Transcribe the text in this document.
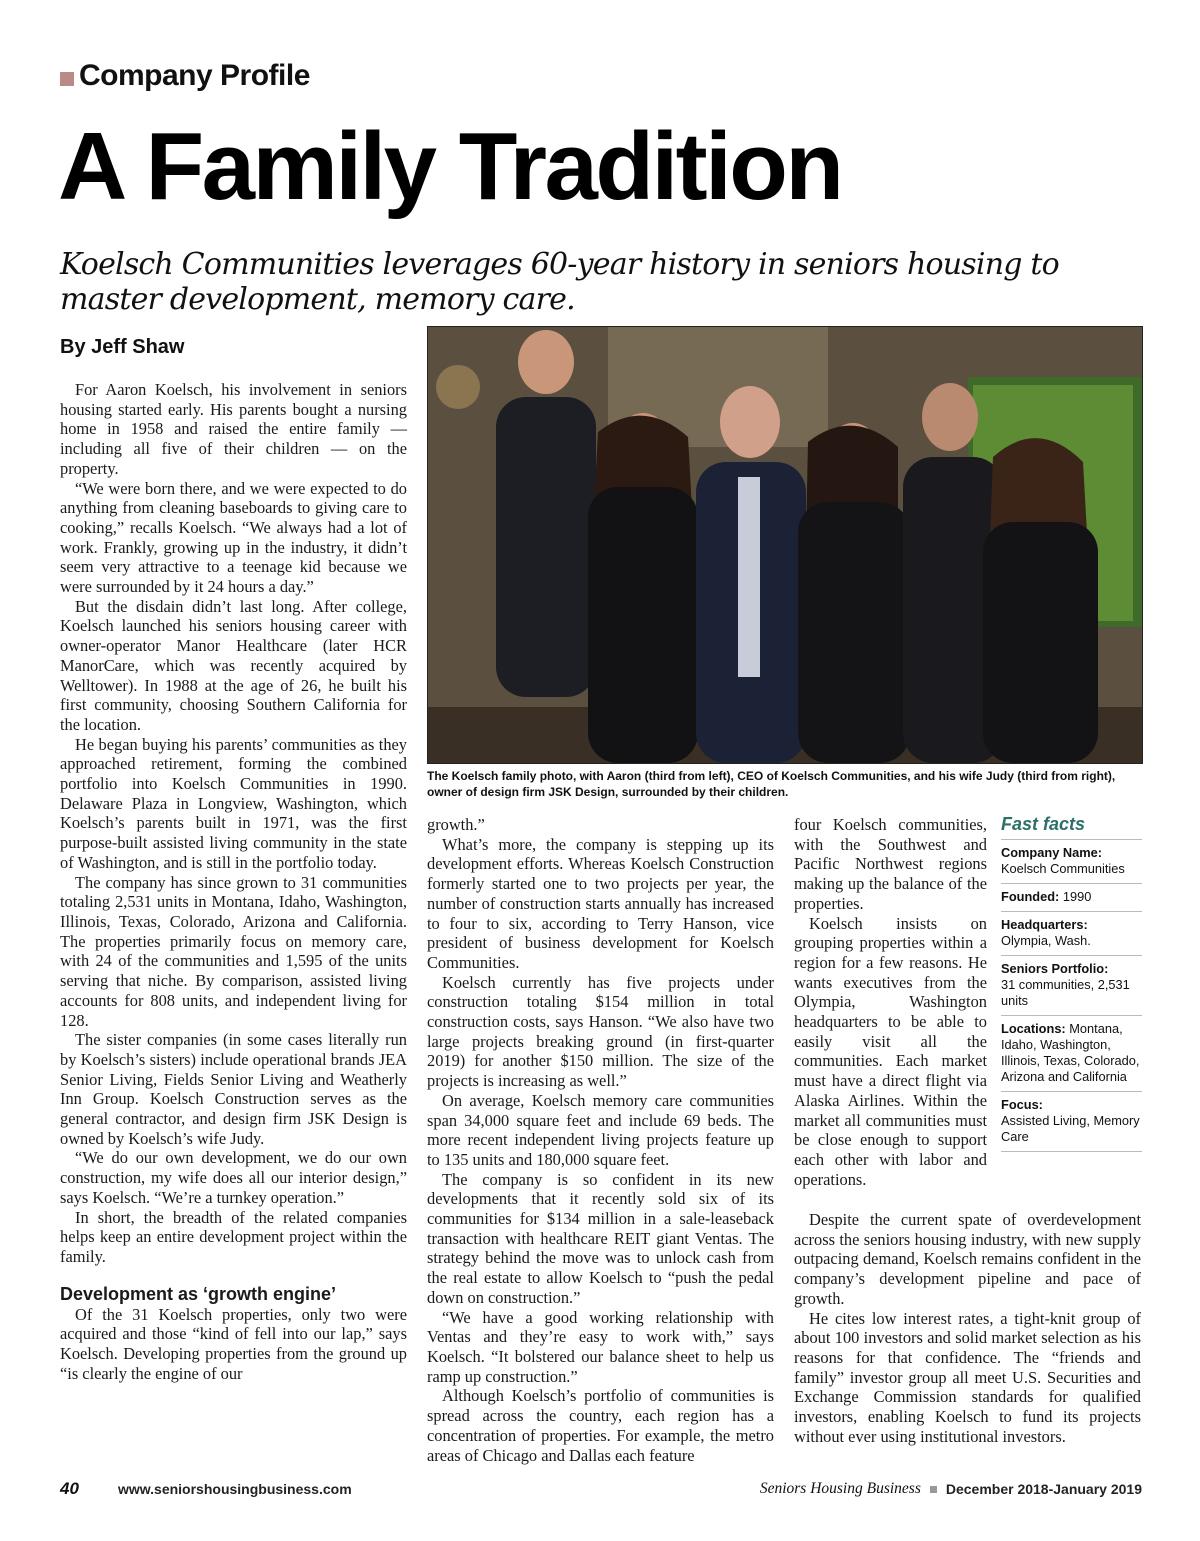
Company Profile
A Family Tradition
Koelsch Communities leverages 60-year history in seniors housing to master development, memory care.
By Jeff Shaw

For Aaron Koelsch, his involvement in seniors housing started early. His parents bought a nursing home in 1958 and raised the entire family — including all five of their children — on the property.

“We were born there, and we were expected to do anything from cleaning baseboards to giving care to cooking,” recalls Koelsch. “We always had a lot of work. Frankly, growing up in the industry, it didn’t seem very attractive to a teenage kid because we were surrounded by it 24 hours a day.”

But the disdain didn’t last long. After college, Koelsch launched his seniors housing career with owner-operator Manor Healthcare (later HCR ManorCare, which was recently acquired by Welltower). In 1988 at the age of 26, he built his first community, choosing Southern California for the location.

He began buying his parents’ communities as they approached retirement, forming the combined portfolio into Koelsch Communities in 1990. Delaware Plaza in Longview, Washington, which Koelsch’s parents built in 1971, was the first purpose-built assisted living community in the state of Washington, and is still in the portfolio today.

The company has since grown to 31 communities totaling 2,531 units in Montana, Idaho, Washington, Illinois, Texas, Colorado, Arizona and California. The properties primarily focus on memory care, with 24 of the communities and 1,595 of the units serving that niche. By comparison, assisted living accounts for 808 units, and independent living for 128.

The sister companies (in some cases literally run by Koelsch’s sisters) include operational brands JEA Senior Living, Fields Senior Living and Weatherly Inn Group. Koelsch Construction serves as the general contractor, and design firm JSK Design is owned by Koelsch’s wife Judy.

“We do our own development, we do our own construction, my wife does all our interior design,” says Koelsch. “We’re a turnkey operation.”

In short, the breadth of the related companies helps keep an entire development project within the family.

Development as ‘growth engine’

Of the 31 Koelsch properties, only two were acquired and those “kind of fell into our lap,” says Koelsch. Developing properties from the ground up “is clearly the engine of our

The Koelsch family photo, with Aaron (third from left), CEO of Koelsch Communities, and his wife Judy (third from right), owner of design firm JSK Design, surrounded by their children.

growth.”

What’s more, the company is stepping up its development efforts. Whereas Koelsch Construction formerly started one to two projects per year, the number of construction starts annually has increased to four to six, according to Terry Hanson, vice president of business development for Koelsch Communities.

Koelsch currently has five projects under construction totaling $154 million in total construction costs, says Hanson. “We also have two large projects breaking ground (in first-quarter 2019) for another $150 million. The size of the projects is increasing as well.”

On average, Koelsch memory care communities span 34,000 square feet and include 69 beds. The more recent independent living projects feature up to 135 units and 180,000 square feet.

The company is so confident in its new developments that it recently sold six of its communities for $134 million in a sale-leaseback transaction with healthcare REIT giant Ventas. The strategy behind the move was to unlock cash from the real estate to allow Koelsch to “push the pedal down on construction.”

“We have a good working relationship with Ventas and they’re easy to work with,” says Koelsch. “It bolstered our balance sheet to help us ramp up construction.”

Although Koelsch’s portfolio of communities is spread across the country, each region has a concentration of properties. For example, the metro areas of Chicago and Dallas each feature

four Koelsch communities, with the Southwest and Pacific Northwest regions making up the balance of the properties.

Koelsch insists on grouping properties within a region for a few reasons. He wants executives from the Olympia, Washington headquarters to be able to easily visit all the communities. Each market must have a direct flight via Alaska Airlines. Within the market all communities must be close enough to support each other with labor and operations.

Despite the current spate of overdevelopment across the seniors housing industry, with new supply outpacing demand, Koelsch remains confident in the company’s development pipeline and pace of growth.

He cites low interest rates, a tight-knit group of about 100 investors and solid market selection as his reasons for that confidence. The “friends and family” investor group all meet U.S. Securities and Exchange Commission standards for qualified investors, enabling Koelsch to fund its projects without ever using institutional investors.

Fast facts
Company Name:
Koelsch Communities
Founded: 1990
Headquarters:
Olympia, Wash.
Seniors Portfolio:
31 communities, 2,531 units
Locations: Montana, Idaho, Washington, Illinois, Texas, Colorado, Arizona and California
Focus:
Assisted Living, Memory Care
40	www.seniorshousingbusiness.com	Seniors Housing Business December 2018-January 2019
